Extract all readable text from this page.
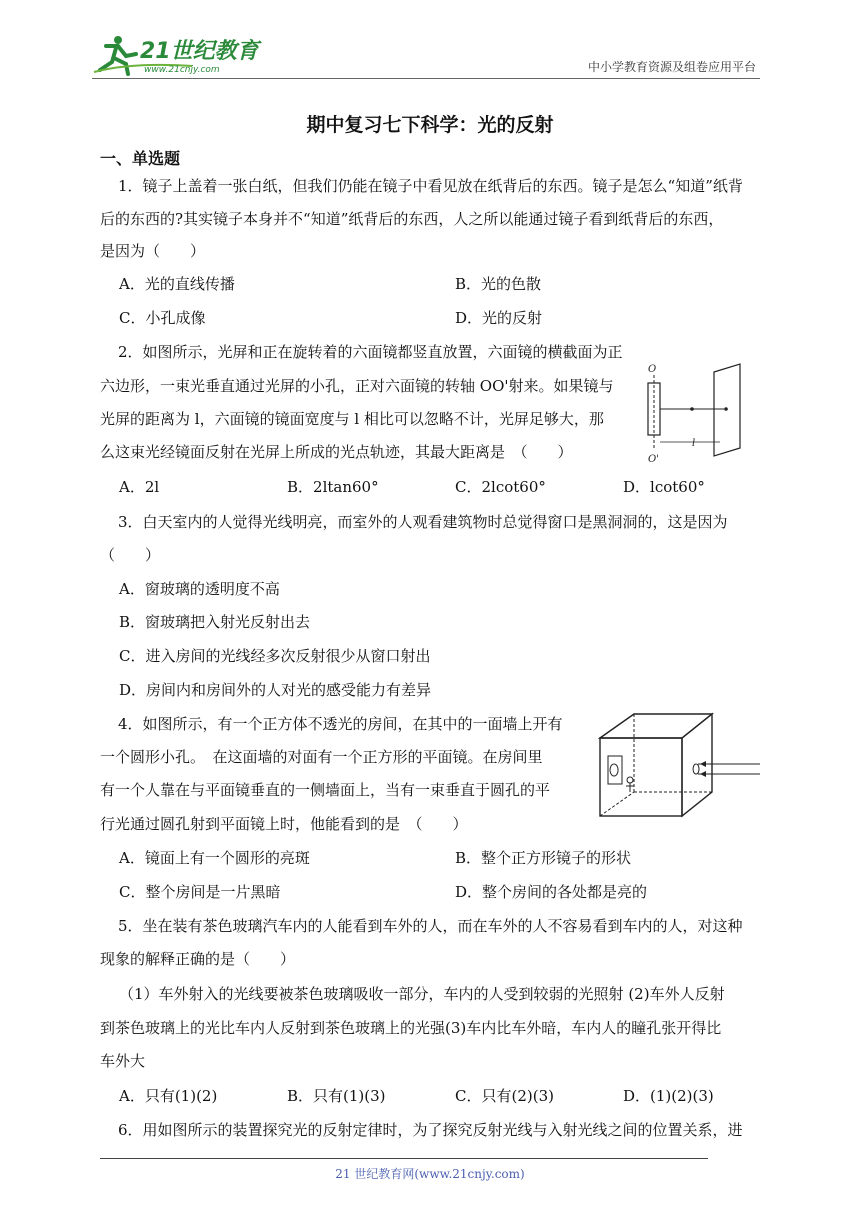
21世纪教育
www.21cnjy.com	中小学教育资源及组卷应用平台
期中复习七下科学：光的反射
一、单选题
1．镜子上盖着一张白纸，但我们仍能在镜子中看见放在纸背后的东西。镜子是怎么“知道”纸背
后的东西的?其实镜子本身并不“知道”纸背后的东西，人之所以能通过镜子看到纸背后的东西，
是因为（　　）
A．光的直线传播	B．光的色散
C．小孔成像	D．光的反射
2．如图所示，光屏和正在旋转着的六面镜都竖直放置，六面镜的横截面为正
六边形，一束光垂直通过光屏的小孔，正对六面镜的转轴 OO'射来。如果镜与
光屏的距离为 l，六面镜的镜面宽度与 l 相比可以忽略不计，光屏足够大，那
么这束光经镜面反射在光屏上所成的光点轨迹，其最大距离是　（　　）
A．2l	B．2ltan60°	C．2lcot60°	D．lcot60°
O
O'
l
3．白天室内的人觉得光线明亮，而室外的人观看建筑物时总觉得窗口是黑洞洞的，这是因为
（　　）
A．窗玻璃的透明度不高
B．窗玻璃把入射光反射出去
C．进入房间的光线经多次反射很少从窗口射出
D．房间内和房间外的人对光的感受能力有差异
4．如图所示，有一个正方体不透光的房间，在其中的一面墙上开有
一个圆形小孔。　在这面墙的对面有一个正方形的平面镜。在房间里
有一个人靠在与平面镜垂直的一侧墙面上，当有一束垂直于圆孔的平
行光通过圆孔射到平面镜上时，他能看到的是　（　　）
A．镜面上有一个圆形的亮斑	B．整个正方形镜子的形状
C．整个房间是一片黑暗	D．整个房间的各处都是亮的
5．坐在装有茶色玻璃汽车内的人能看到车外的人，而在车外的人不容易看到车内的人，对这种
现象的解释正确的是（　　）
（1）车外射入的光线要被茶色玻璃吸收一部分，车内的人受到较弱的光照射 (2)车外人反射
到茶色玻璃上的光比车内人反射到茶色玻璃上的光强(3)车内比车外暗，车内人的瞳孔张开得比
车外大
A．只有(1)(2)	B．只有(1)(3)	C．只有(2)(3)	D．(1)(2)(3)
6．用如图所示的装置探究光的反射定律时，为了探究反射光线与入射光线之间的位置关系，进
21 世纪教育网(www.21cnjy.com)
